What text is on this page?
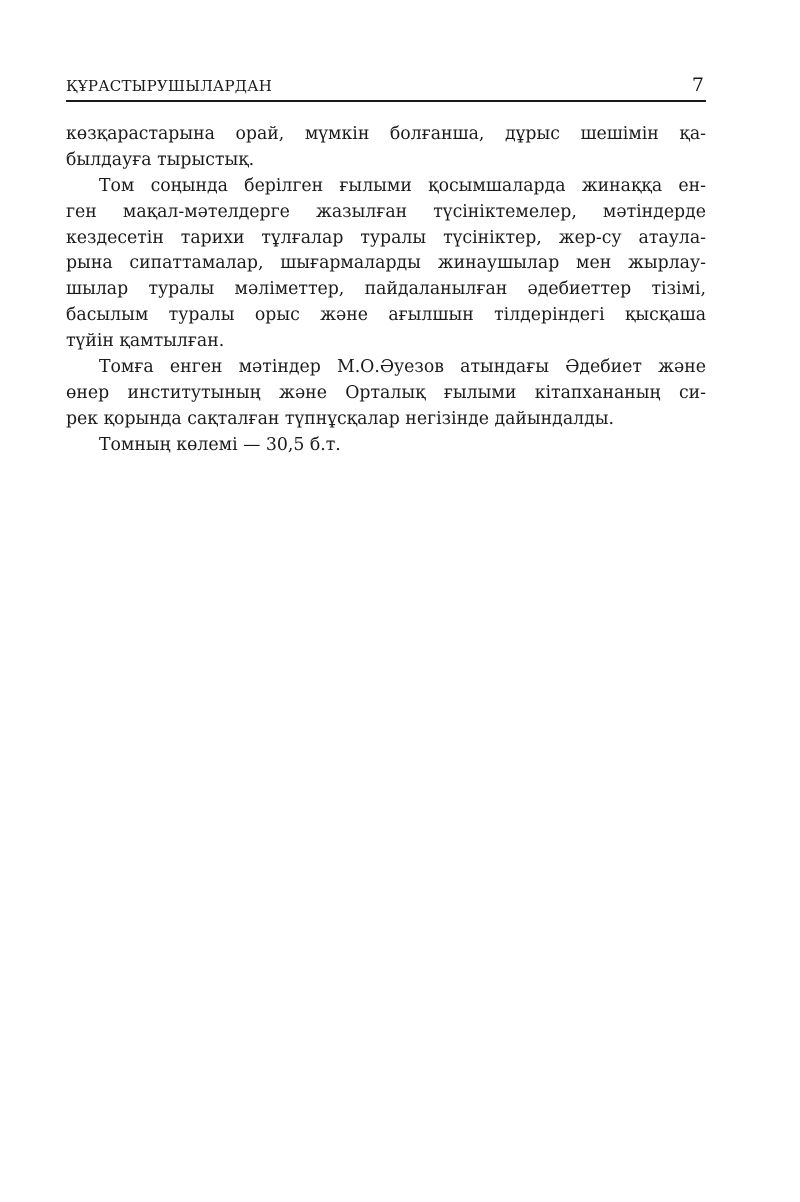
ҚҰРАСТЫРУШЫЛАРДАН	7
көзқарастарына орай, мүмкін болғанша, дұрыс шешімін қа-
былдауға тырыстық.
Том соңында берілген ғылыми қосымшаларда жинаққа ен-
ген мақал-мәтелдерге жазылған түсініктемелер, мәтіндерде
кездесетін тарихи тұлғалар туралы түсініктер, жер-су атаула-
рына сипаттамалар, шығармаларды жинаушылар мен жырлау-
шылар туралы мәліметтер, пайдаланылған әдебиеттер тізімі,
басылым туралы орыс және ағылшын тілдеріндегі қысқаша
түйін қамтылған.
Томға енген мәтіндер М.О.Әуезов атындағы Әдебиет және
өнер институтының және Орталық ғылыми кітапхананың си-
рек қорында сақталған түпнұсқалар негізінде дайындалды.
Томның көлемі — 30,5 б.т.
